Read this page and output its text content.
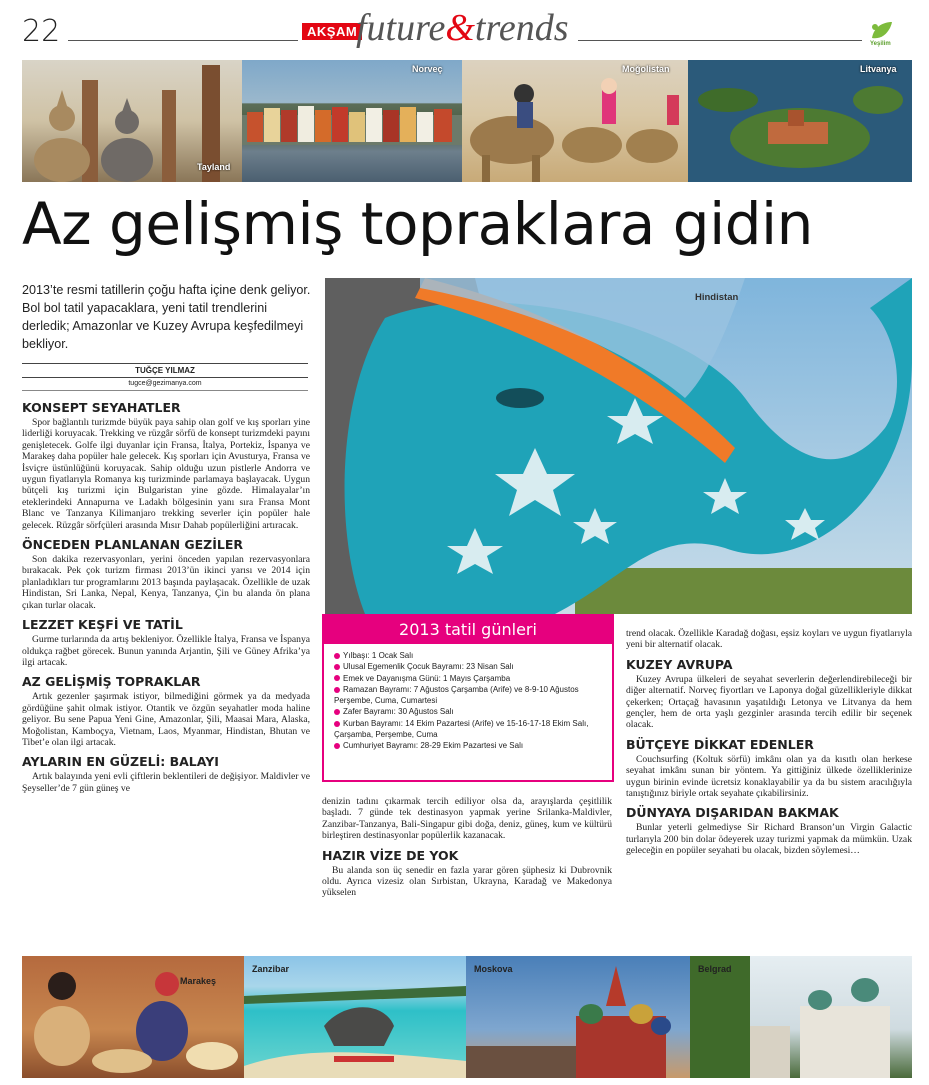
22	AKŞAM
future&trends	Yeşilim
Tayland
Norveç	Moğolistan	Litvanya
Az gelişmiş topraklara gidin
2013’te resmi tatillerin çoğu hafta içine denk geliyor. Bol bol tatil yapacaklara, yeni tatil trendlerini derledik; Amazonlar ve Kuzey Avrupa keşfedilmeyi bekliyor.
TUĞÇE YILMAZ
tugce@gezimanya.com
KONSEPT SEYAHATLER

Spor bağlantılı turizmde büyük paya sahip olan golf ve kış sporları yine liderliği koruyacak. Trekking ve rüzgâr sörfü de konsept turizmdeki payını genişletecek. Golfe ilgi duyanlar için Fransa, İtalya, Portekiz, İspanya ve Marakeş daha popüler hale gelecek. Kış sporları için Avusturya, Fransa ve İsviçre üstünlüğünü koruyacak. Sahip olduğu uzun pistlerle Andorra ve uygun fiyatlarıyla Romanya kış turizminde parlamaya başlayacak. Uygun bütçeli kış turizmi için Bulgaristan yine gözde. Himalayalar’ın eteklerindeki Annapurna ve Ladakh bölgesinin yanı sıra Fransa Mont Blanc ve Tanzanya Kilimanjaro trekking severler için popüler hale gelecek. Rüzgâr sörfçüleri arasında Mısır Dahab popülerliğini artıracak.

ÖNCEDEN PLANLANAN GEZİLER

Son dakika rezervasyonları, yerini önceden yapılan rezervasyonlara bırakacak. Pek çok turizm firması 2013’ün ikinci yarısı ve 2014 için planladıkları tur programlarını 2013 başında paylaşacak. Özellikle de uzak Hindistan, Sri Lanka, Nepal, Kenya, Tanzanya, Çin bu alanda ön plana çıkan turlar olacak.

LEZZET KEŞFİ VE TATİL

Gurme turlarında da artış bekleniyor. Özellikle İtalya, Fransa ve İspanya oldukça rağbet görecek. Bunun yanında Arjantin, Şili ve Güney Afrika’ya ilgi artacak.

AZ GELİŞMİŞ TOPRAKLAR

Artık gezenler şaşırmak istiyor, bilmediğini görmek ya da medyada gördüğüne şahit olmak istiyor. Otantik ve özgün seyahatler moda haline geliyor. Bu sene Papua Yeni Gine, Amazonlar, Şili, Maasai Mara, Alaska, Moğolistan, Kamboçya, Vietnam, Laos, Myanmar, Hindistan, Bhutan ve Tibet’e olan ilgi artacak.

AYLARIN EN GÜZELİ: BALAYI

Artık balayında yeni evli çiftlerin beklentileri de değişiyor. Maldivler ve Şeyseller’de 7 gün güneş ve

Hindistan
2013 tatil günleri
Yılbaşı: 1 Ocak Salı
Ulusal Egemenlik Çocuk Bayramı: 23 Nisan Salı
Emek ve Dayanışma Günü: 1 Mayıs Çarşamba
Ramazan Bayramı: 7 Ağustos Çarşamba (Arife) ve 8-9-10 Ağustos Perşembe, Cuma, Cumartesi
Zafer Bayramı: 30 Ağustos Salı
Kurban Bayramı: 14 Ekim Pazartesi (Arife) ve 15-16-17-18 Ekim Salı, Çarşamba, Perşembe, Cuma
Cumhuriyet Bayramı: 28-29 Ekim Pazartesi ve Salı

denizin tadını çıkarmak tercih ediliyor olsa da, arayışlarda çeşitlilik başladı. 7 günde tek destinasyon yapmak yerine Srilanka-Maldivler, Zanzibar-Tanzanya, Bali-Singapur gibi doğa, deniz, güneş, kum ve kültürü birleştiren destinasyonlar popülerlik kazanacak.

HAZIR VİZE DE YOK

Bu alanda son üç senedir en fazla yarar gören şüphesiz ki Dubrovnik oldu. Ayrıca vizesiz olan Sırbistan, Ukrayna, Karadağ ve Makedonya yükselen

trend olacak. Özellikle Karadağ doğası, eşsiz koyları ve uygun fiyatlarıyla yeni bir alternatif olacak.

KUZEY AVRUPA

Kuzey Avrupa ülkeleri de seyahat severlerin değerlendirebileceği bir diğer alternatif. Norveç fiyortları ve Laponya doğal güzellikleriyle dikkat çekerken; Ortaçağ havasının yaşatıldığı Letonya ve Litvanya da hem gençler, hem de orta yaşlı gezginler arasında tercih edilir bir seçenek olacak.

BÜTÇEYE DİKKAT EDENLER

Couchsurfing (Koltuk sörfü) imkânı olan ya da kısıtlı olan herkese seyahat imkânı sunan bir yöntem. Ya gittiğiniz ülkede özelliklerinize uygun birinin evinde ücretsiz konaklayabilir ya da bu sistem aracılığıyla tanıştığınız biriyle ortak seyahate çıkabilirsiniz.

DÜNYAYA DIŞARIDAN BAKMAK

Bunlar yeterli gelmediyse Sir Richard Branson’un Virgin Galactic turlarıyla 200 bin dolar ödeyerek uzay turizmi yapmak da mümkün. Uzak geleceğin en popüler seyahati bu olacak, bizden söylemesi…

Marakeş
Zanzibar	Moskova	Belgrad
